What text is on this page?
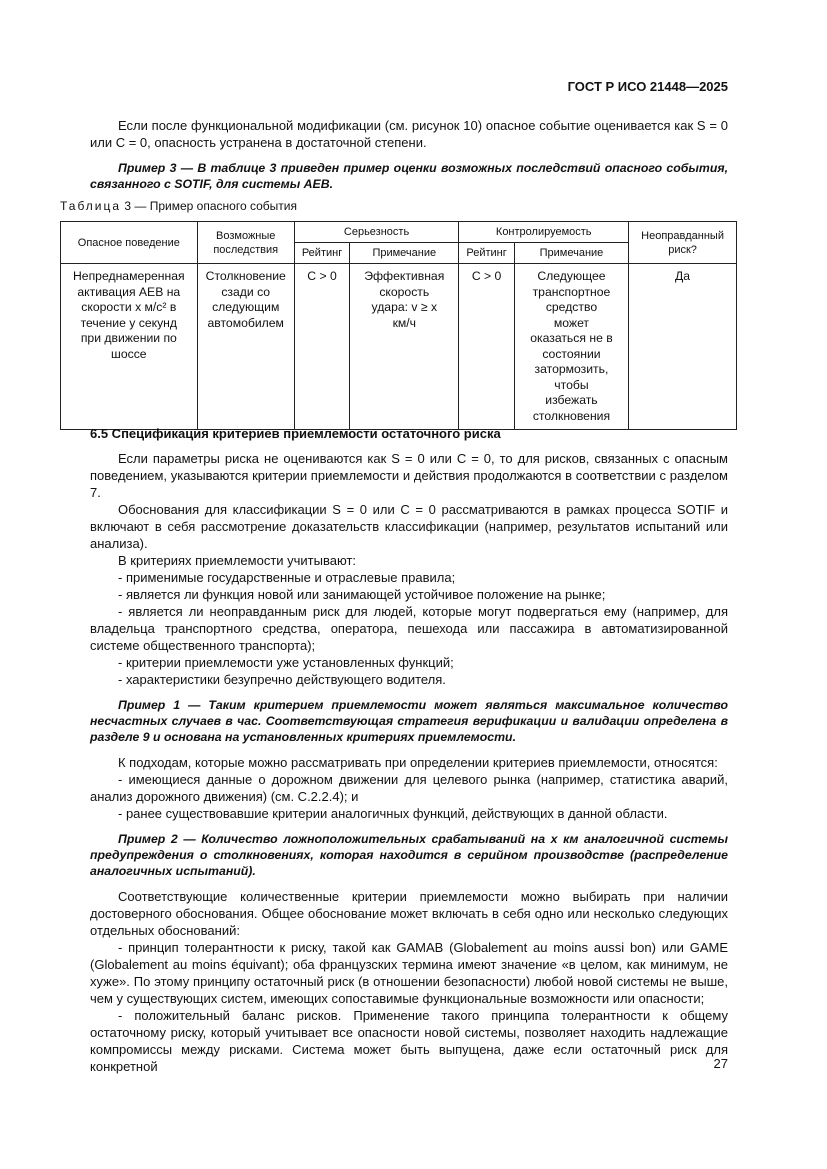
ГОСТ Р ИСО 21448—2025

Если после функциональной модификации (см. рисунок 10) опасное событие оценивается как S = 0 или C = 0, опасность устранена в достаточной степени.

Пример 3 — В таблице 3 приведен пример оценки возможных последствий опасного события, связанного с SOTIF, для системы AEB.

Таблица 3 — Пример опасного события
Опасное поведение	Возможные последствия	Серьезность		Контролируемость		Неоправданный риск?
		Рейтинг	Примечание	Рейтинг	Примечание	
Непреднамеренная активация AEB на скорости x м/с² в течение y секунд при движении по шоссе	Столкновение сзади со следующим автомобилем	C > 0	Эффективная скорость удара: v ≥ x км/ч	C > 0	Следующее транспортное средство может оказаться не в состоянии затормозить, чтобы избежать столкновения	Да
6.5 Спецификация критериев приемлемости остаточного риска

Если параметры риска не оцениваются как S = 0 или C = 0, то для рисков, связанных с опасным поведением, указываются критерии приемлемости и действия продолжаются в соответствии с разделом 7.

Обоснования для классификации S = 0 или C = 0 рассматриваются в рамках процесса SOTIF и включают в себя рассмотрение доказательств классификации (например, результатов испытаний или анализа).

В критериях приемлемости учитывают:

- применимые государственные и отраслевые правила;

- является ли функция новой или занимающей устойчивое положение на рынке;

- является ли неоправданным риск для людей, которые могут подвергаться ему (например, для владельца транспортного средства, оператора, пешехода или пассажира в автоматизированной системе общественного транспорта);

- критерии приемлемости уже установленных функций;

- характеристики безупречно действующего водителя.

Пример 1 — Таким критерием приемлемости может являться максимальное количество несчастных случаев в час. Соответствующая стратегия верификации и валидации определена в разделе 9 и основана на установленных критериях приемлемости.

К подходам, которые можно рассматривать при определении критериев приемлемости, относятся:

- имеющиеся данные о дорожном движении для целевого рынка (например, статистика аварий, анализ дорожного движения) (см. C.2.2.4); и

- ранее существовавшие критерии аналогичных функций, действующих в данной области.

Пример 2 — Количество ложноположительных срабатываний на x км аналогичной системы предупреждения о столкновениях, которая находится в серийном производстве (распределение аналогичных испытаний).

Соответствующие количественные критерии приемлемости можно выбирать при наличии достоверного обоснования. Общее обоснование может включать в себя одно или несколько следующих отдельных обоснований:

- принцип толерантности к риску, такой как GAMAB (Globalement au moins aussi bon) или GAME (Globalement au moins équivant); оба французских термина имеют значение «в целом, как минимум, не хуже». По этому принципу остаточный риск (в отношении безопасности) любой новой системы не выше, чем у существующих систем, имеющих сопоставимые функциональные возможности или опасности;

- положительный баланс рисков. Применение такого принципа толерантности к общему остаточному риску, который учитывает все опасности новой системы, позволяет находить надлежащие компромиссы между рисками. Система может быть выпущена, даже если остаточный риск для конкретной	27
